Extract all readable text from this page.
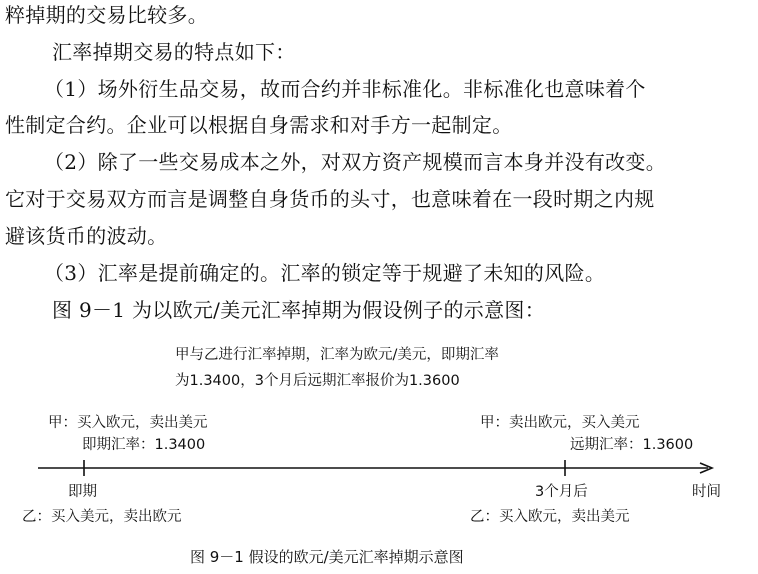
粹掉期的交易比较多。
汇率掉期交易的特点如下：
（1）场外衍生品交易，故而合约并非标准化。非标准化也意味着个
性制定合约。企业可以根据自身需求和对手方一起制定。
（2）除了一些交易成本之外，对双方资产规模而言本身并没有改变。
它对于交易双方而言是调整自身货币的头寸，也意味着在一段时期之内规
避该货币的波动。
（3）汇率是提前确定的。汇率的锁定等于规避了未知的风险。
图 9－1 为以欧元/美元汇率掉期为假设例子的示意图：
甲与乙进行汇率掉期，汇率为欧元/美元，即期汇率
为1.3400，3个月后远期汇率报价为1.3600
甲：买入欧元，卖出美元
即期汇率：1.3400
甲：卖出欧元，买入美元
远期汇率：1.3600
即期	3个月后	时间
乙：买入美元，卖出欧元	乙：买入欧元，卖出美元
图 9－1 假设的欧元/美元汇率掉期示意图
